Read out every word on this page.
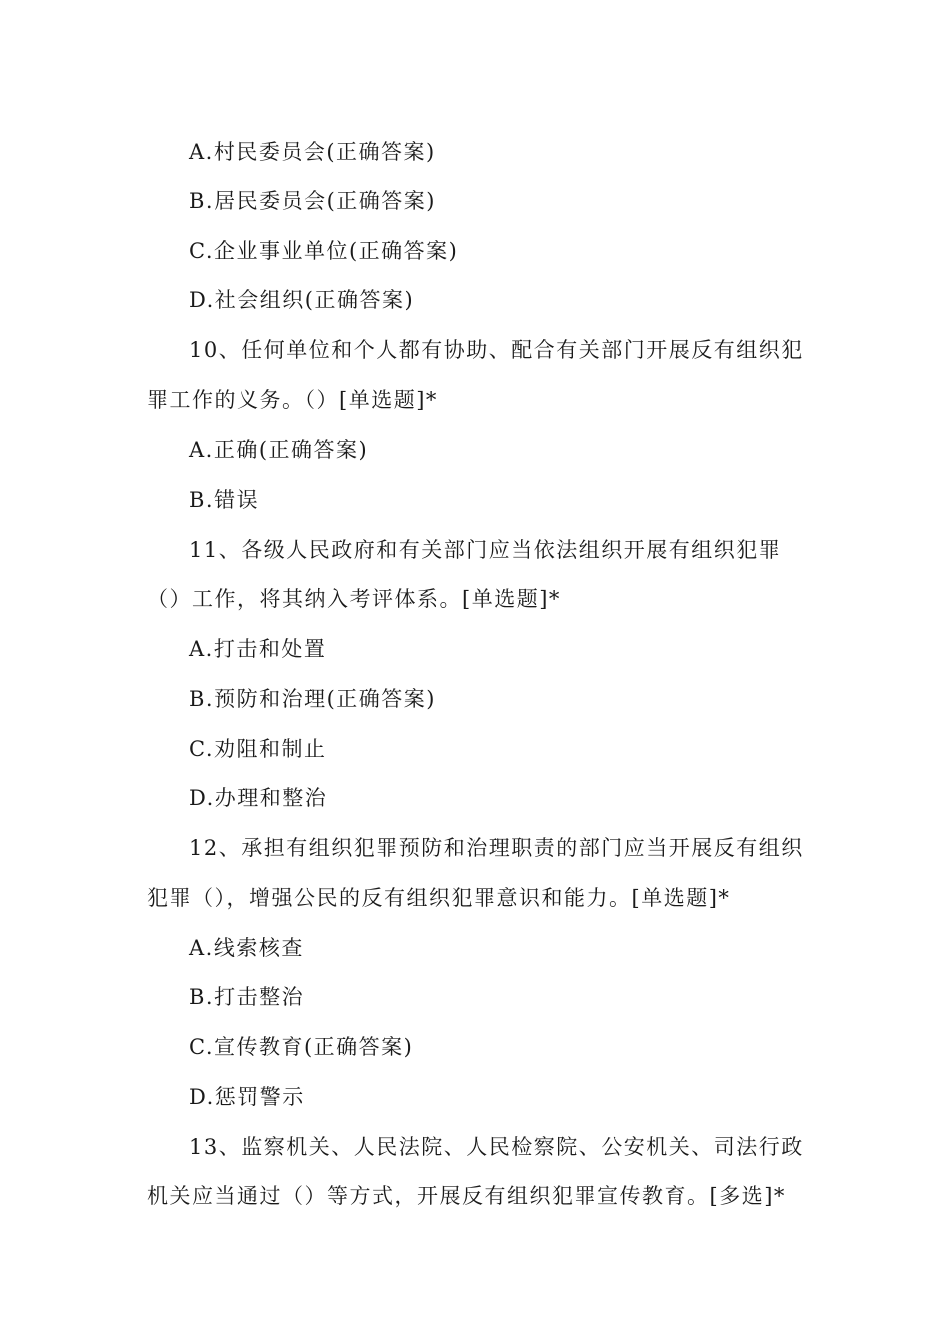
A.村民委员会(正确答案)
B.居民委员会(正确答案)
C.企业事业单位(正确答案)
D.社会组织(正确答案)
10、任何单位和个人都有协助、配合有关部门开展反有组织犯
罪工作的义务。（）[单选题]*
A.正确(正确答案)
B.错误
11、各级人民政府和有关部门应当依法组织开展有组织犯罪
（）工作，将其纳入考评体系。[单选题]*
A.打击和处置
B.预防和治理(正确答案)
C.劝阻和制止
D.办理和整治
12、承担有组织犯罪预防和治理职责的部门应当开展反有组织
犯罪（），增强公民的反有组织犯罪意识和能力。[单选题]*
A.线索核查
B.打击整治
C.宣传教育(正确答案)
D.惩罚警示
13、监察机关、人民法院、人民检察院、公安机关、司法行政
机关应当通过（）等方式，开展反有组织犯罪宣传教育。[多选]*
